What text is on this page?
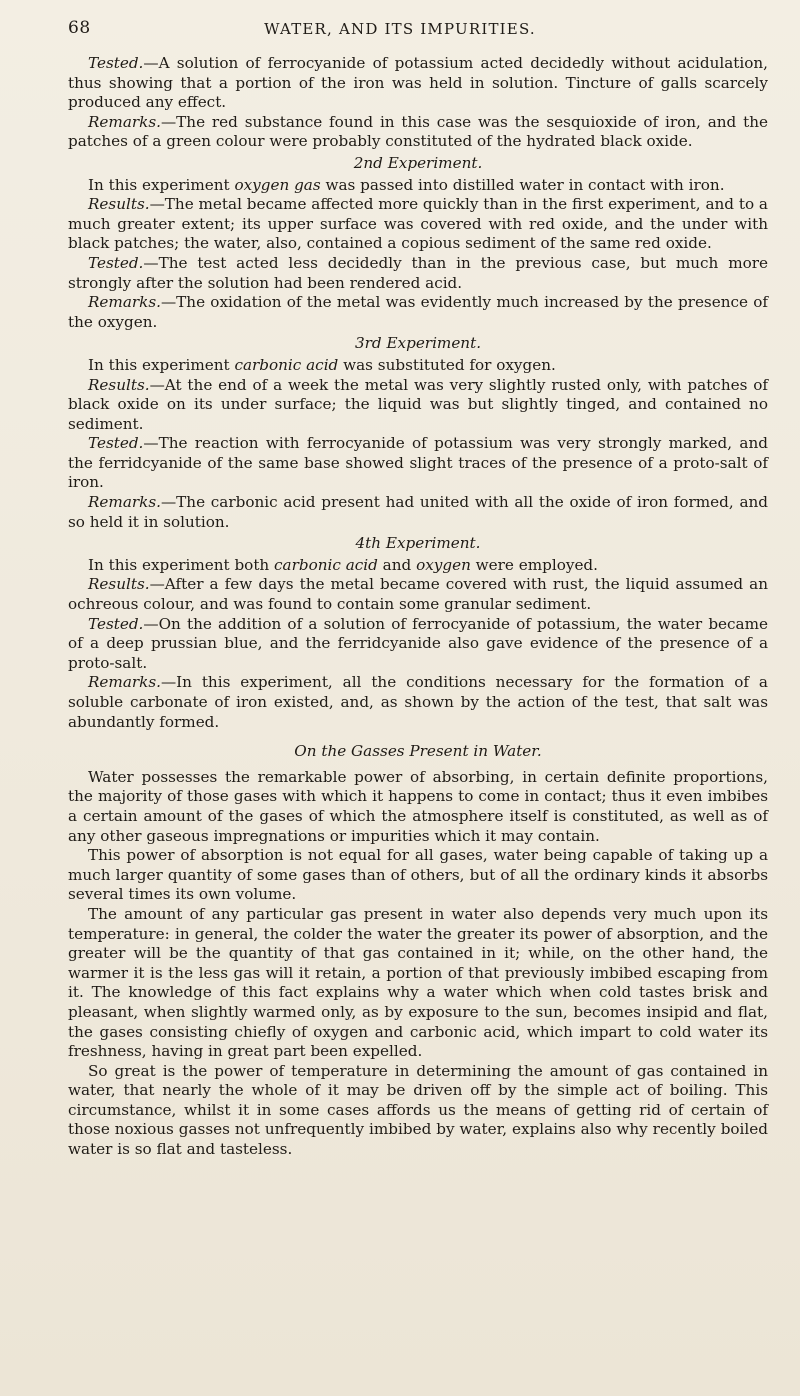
68	WATER, AND ITS IMPURITIES.

Tested.—A solution of ferrocyanide of potassium acted decidedly without acidulation, thus showing that a portion of the iron was held in solution. Tincture of galls scarcely produced any effect.

Remarks.—The red substance found in this case was the sesquioxide of iron, and the patches of a green colour were probably constituted of the hydrated black oxide.

2nd Experiment.

In this experiment oxygen gas was passed into distilled water in contact with iron.

Results.—The metal became affected more quickly than in the first experiment, and to a much greater extent; its upper surface was covered with red oxide, and the under with black patches; the water, also, contained a copious sediment of the same red oxide.

Tested.—The test acted less decidedly than in the previous case, but much more strongly after the solution had been rendered acid.

Remarks.—The oxidation of the metal was evidently much increased by the presence of the oxygen.

3rd Experiment.

In this experiment carbonic acid was substituted for oxygen.

Results.—At the end of a week the metal was very slightly rusted only, with patches of black oxide on its under surface; the liquid was but slightly tinged, and contained no sediment.

Tested.—The reaction with ferrocyanide of potassium was very strongly marked, and the ferridcyanide of the same base showed slight traces of the presence of a proto-salt of iron.

Remarks.—The carbonic acid present had united with all the oxide of iron formed, and so held it in solution.

4th Experiment.

In this experiment both carbonic acid and oxygen were employed.

Results.—After a few days the metal became covered with rust, the liquid assumed an ochreous colour, and was found to contain some granular sediment.

Tested.—On the addition of a solution of ferrocyanide of potassium, the water became of a deep prussian blue, and the ferridcyanide also gave evidence of the presence of a proto-salt.

Remarks.—In this experiment, all the conditions necessary for the formation of a soluble carbonate of iron existed, and, as shown by the action of the test, that salt was abundantly formed.

On the Gasses Present in Water.

Water possesses the remarkable power of absorbing, in certain definite proportions, the majority of those gases with which it happens to come in contact; thus it even imbibes a certain amount of the gases of which the atmosphere itself is constituted, as well as of any other gaseous impregnations or impurities which it may contain.

This power of absorption is not equal for all gases, water being capable of taking up a much larger quantity of some gases than of others, but of all the ordinary kinds it absorbs several times its own volume.

The amount of any particular gas present in water also depends very much upon its temperature: in general, the colder the water the greater its power of absorption, and the greater will be the quantity of that gas contained in it; while, on the other hand, the warmer it is the less gas will it retain, a portion of that previously imbibed escaping from it. The knowledge of this fact explains why a water which when cold tastes brisk and pleasant, when slightly warmed only, as by exposure to the sun, becomes insipid and flat, the gases consisting chiefly of oxygen and carbonic acid, which impart to cold water its freshness, having in great part been expelled.

So great is the power of temperature in determining the amount of gas contained in water, that nearly the whole of it may be driven off by the simple act of boiling. This circumstance, whilst it in some cases affords us the means of getting rid of certain of those noxious gasses not unfrequently imbibed by water, explains also why recently boiled water is so flat and tasteless.
